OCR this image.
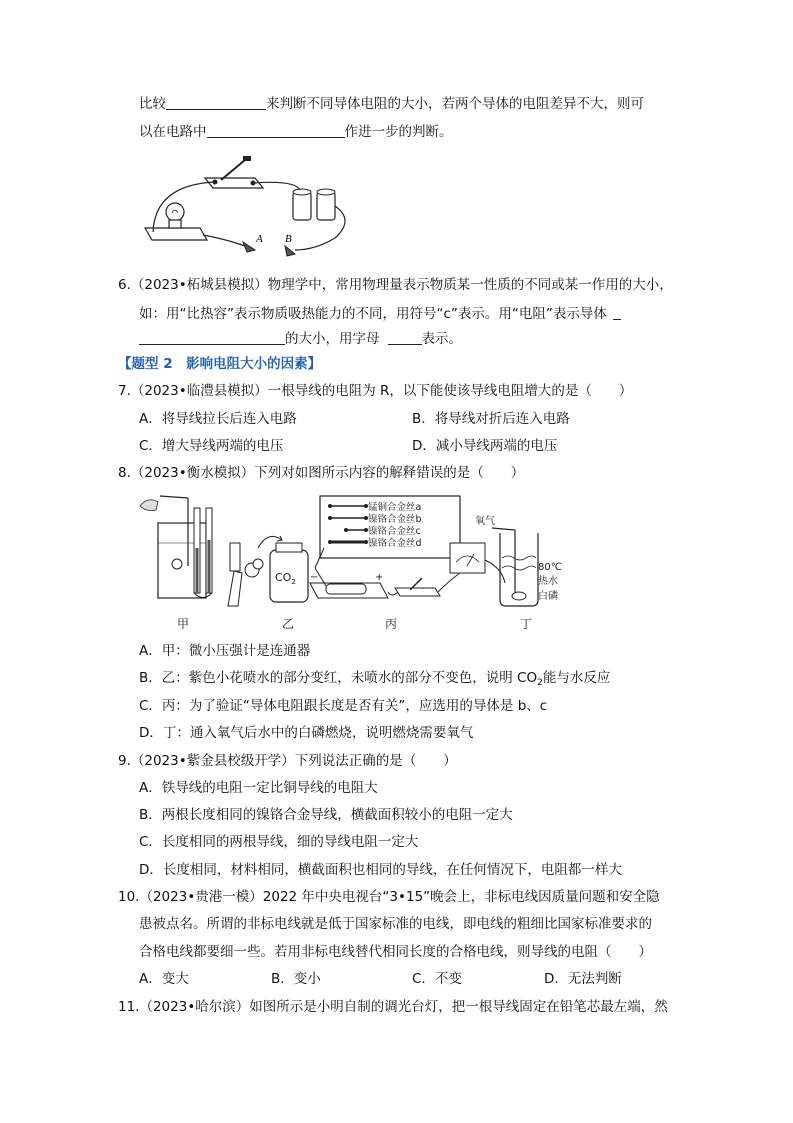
比较	来判断不同导体电阻的大小，若两个导体的电阻差异不大，则可
以在电路中	作进一步的判断。
A B
6.（2023•柘城县模拟）物理学中，常用物理量表示物质某一性质的不同或某一作用的大小，
如：用“比热容”表示物质吸热能力的不同，用符号“c”表示。用“电阻”表示导体
的大小，用字母	表示。
【题型 2　影响电阻大小的因素】
7.（2023•临澧县模拟）一根导线的电阻为 R，以下能使该导线电阻增大的是（　　）
A．将导线拉长后连入电路	B．将导线对折后连入电路
C．增大导线两端的电压	D．减小导线两端的电压
8.（2023•衡水模拟）下列对如图所示内容的解释错误的是（　　）
甲
$CO_2$
乙
锰铜合金丝a
镍铬合金丝b
镍铬合金丝c
镍铬合金丝d
+
−
丙
氧气
80℃
热水
白磷
丁
A．甲：微小压强计是连通器
B．乙：紫色小花喷水的部分变红，未喷水的部分不变色，说明 $CO_2$能与水反应
C．丙：为了验证“导体电阻跟长度是否有关”，应选用的导体是 b、c
D．丁：通入氧气后水中的白磷燃烧，说明燃烧需要氧气
9.（2023•紫金县校级开学）下列说法正确的是（　　）
A．铁导线的电阻一定比铜导线的电阻大
B．两根长度相同的镍铬合金导线，横截面积较小的电阻一定大
C．长度相同的两根导线，细的导线电阻一定大
D．长度相同，材料相同，横截面积也相同的导线，在任何情况下，电阻都一样大
10.（2023•贵港一模）2022 年中央电视台“3•15”晚会上，非标电线因质量问题和安全隐
患被点名。所谓的非标电线就是低于国家标准的电线，即电线的粗细比国家标准要求的
合格电线都要细一些。若用非标电线替代相同长度的合格电线，则导线的电阻（　　）
A．变大	B．变小	C．不变	D．无法判断
11.（2023•哈尔滨）如图所示是小明自制的调光台灯，把一根导线固定在铅笔芯最左端，然
